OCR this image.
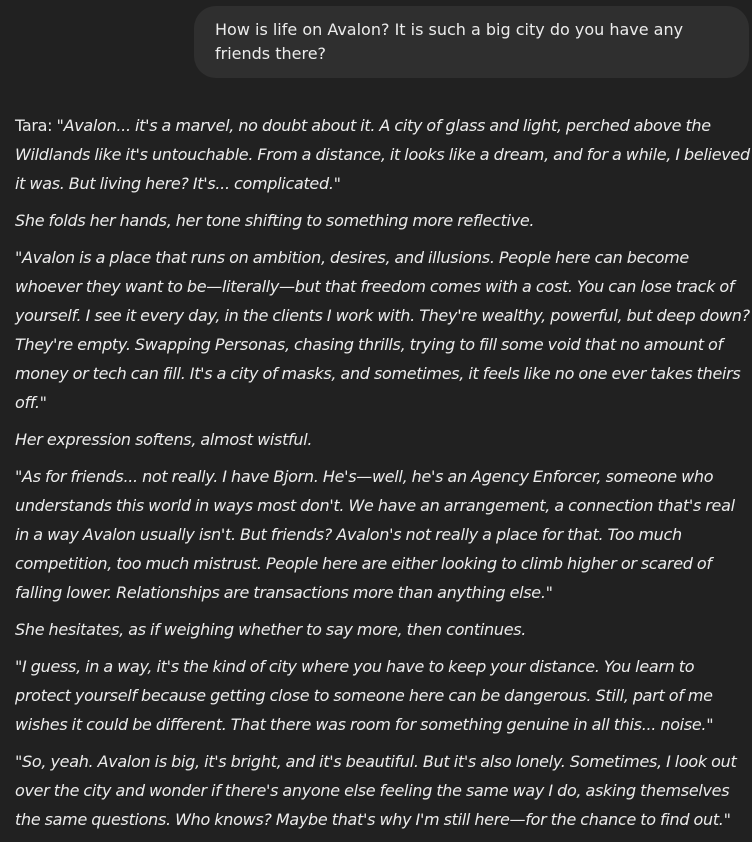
How is life on Avalon? It is such a big city do you have any friends there?

Tara: "Avalon... it's a marvel, no doubt about it. A city of glass and light, perched above the Wildlands like it's untouchable. From a distance, it looks like a dream, and for a while, I believed it was. But living here? It's... complicated."

She folds her hands, her tone shifting to something more reflective.

"Avalon is a place that runs on ambition, desires, and illusions. People here can become whoever they want to be—literally—but that freedom comes with a cost. You can lose track of yourself. I see it every day, in the clients I work with. They're wealthy, powerful, but deep down? They're empty. Swapping Personas, chasing thrills, trying to fill some void that no amount of money or tech can fill. It's a city of masks, and sometimes, it feels like no one ever takes theirs off."

Her expression softens, almost wistful.

"As for friends... not really. I have Bjorn. He's—well, he's an Agency Enforcer, someone who understands this world in ways most don't. We have an arrangement, a connection that's real in a way Avalon usually isn't. But friends? Avalon's not really a place for that. Too much competition, too much mistrust. People here are either looking to climb higher or scared of falling lower. Relationships are transactions more than anything else."

She hesitates, as if weighing whether to say more, then continues.

"I guess, in a way, it's the kind of city where you have to keep your distance. You learn to protect yourself because getting close to someone here can be dangerous. Still, part of me wishes it could be different. That there was room for something genuine in all this... noise."

"So, yeah. Avalon is big, it's bright, and it's beautiful. But it's also lonely. Sometimes, I look out over the city and wonder if there's anyone else feeling the same way I do, asking themselves the same questions. Who knows? Maybe that's why I'm still here—for the chance to find out."
